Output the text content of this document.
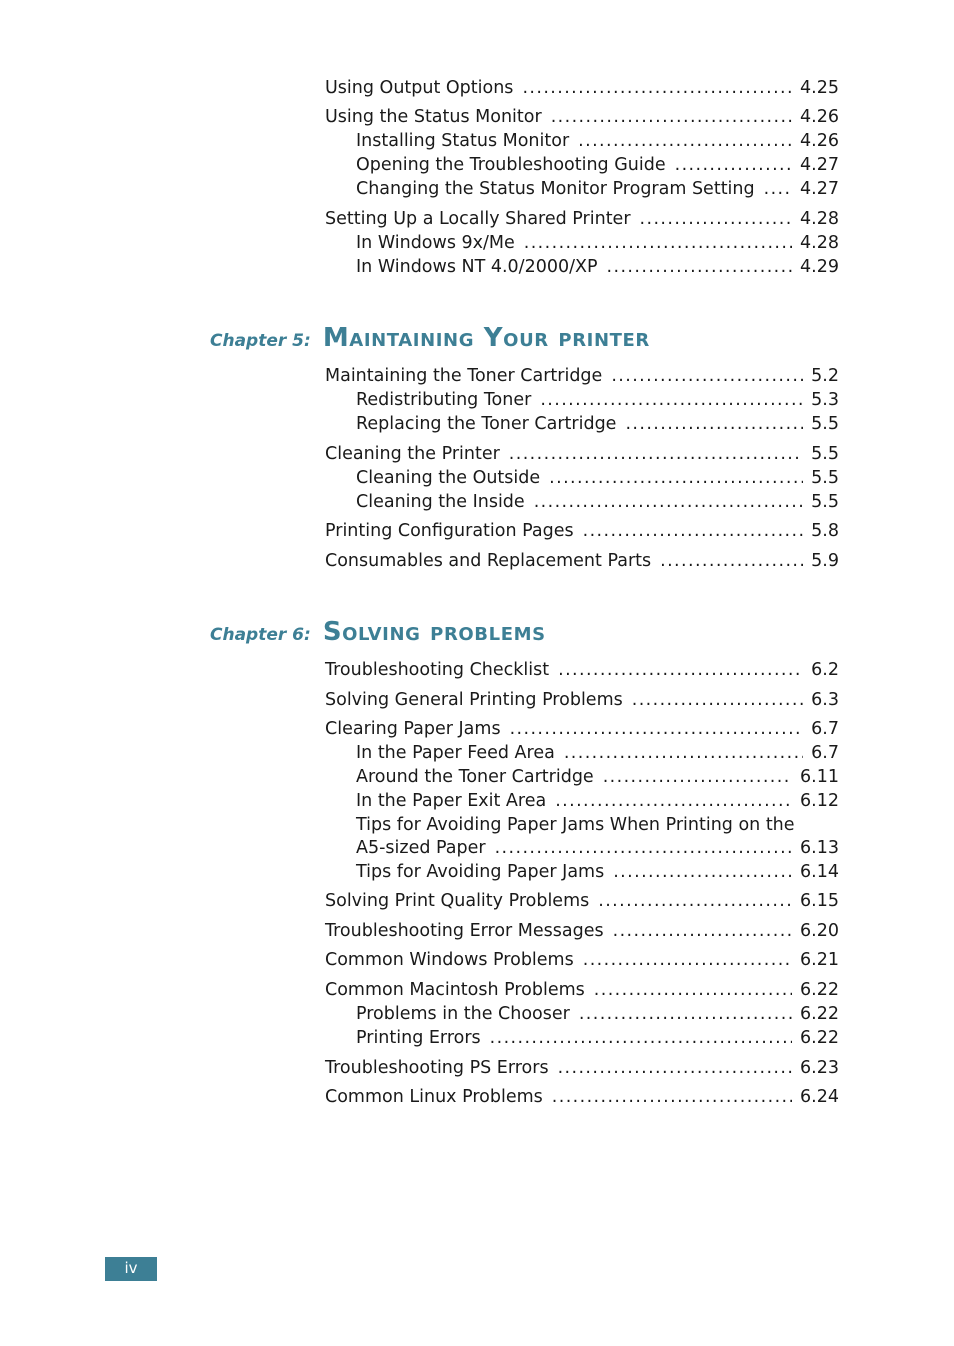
Using Output Options .....	4.25
Using the Status Monitor .....	4.26
Installing Status Monitor .....	4.26
Opening the Troubleshooting Guide .....	4.27
Changing the Status Monitor Program Setting .....	4.27
Setting Up a Locally Shared Printer .....	4.28
In Windows 9x/Me .....	4.28
In Windows NT 4.0/2000/XP .....	4.29
Chapter 5: Maintaining Your printer
Maintaining the Toner Cartridge .....	5.2
Redistributing Toner .....	5.3
Replacing the Toner Cartridge .....	5.5
Cleaning the Printer .....	5.5
Cleaning the Outside .....	5.5
Cleaning the Inside .....	5.5
Printing Configuration Pages .....	5.8
Consumables and Replacement Parts .....	5.9
Chapter 6: Solving problems
Troubleshooting Checklist .....	6.2
Solving General Printing Problems .....	6.3
Clearing Paper Jams .....	6.7
In the Paper Feed Area .....	6.7
Around the Toner Cartridge .....	6.11
In the Paper Exit Area .....	6.12
Tips for Avoiding Paper Jams When Printing on the
A5-sized Paper .....	6.13
Tips for Avoiding Paper Jams .....	6.14
Solving Print Quality Problems .....	6.15
Troubleshooting Error Messages .....	6.20
Common Windows Problems .....	6.21
Common Macintosh Problems .....	6.22
Problems in the Chooser .....	6.22
Printing Errors .....	6.22
Troubleshooting PS Errors .....	6.23
Common Linux Problems .....	6.24
iv
